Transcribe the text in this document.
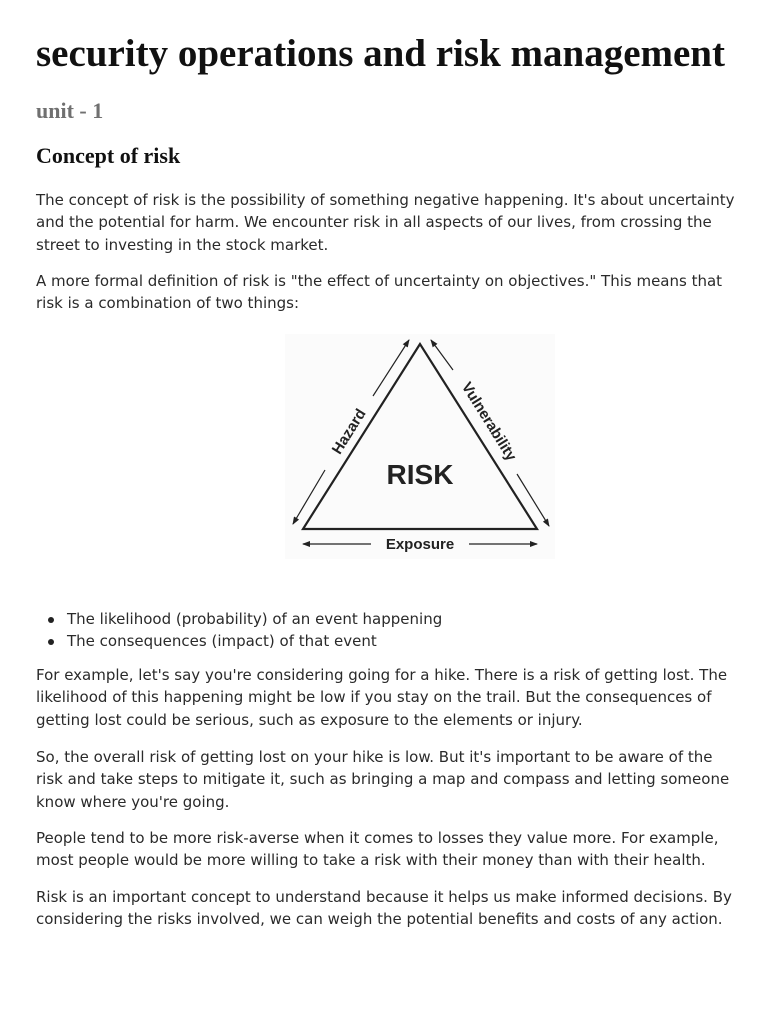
security operations and risk management
unit - 1
Concept of risk

The concept of risk is the possibility of something negative happening. It's about uncertainty and the potential for harm. We encounter risk in all aspects of our lives, from crossing the street to investing in the stock market.

A more formal definition of risk is "the effect of uncertainty on objectives." This means that risk is a combination of two things:

RISK
Hazard	Vulnerability
Exposure
The likelihood (probability) of an event happening
The consequences (impact) of that event

For example, let's say you're considering going for a hike. There is a risk of getting lost. The likelihood of this happening might be low if you stay on the trail. But the consequences of getting lost could be serious, such as exposure to the elements or injury.

So, the overall risk of getting lost on your hike is low. But it's important to be aware of the risk and take steps to mitigate it, such as bringing a map and compass and letting someone know where you're going.

People tend to be more risk-averse when it comes to losses they value more. For example, most people would be more willing to take a risk with their money than with their health.

Risk is an important concept to understand because it helps us make informed decisions. By considering the risks involved, we can weigh the potential benefits and costs of any action.
